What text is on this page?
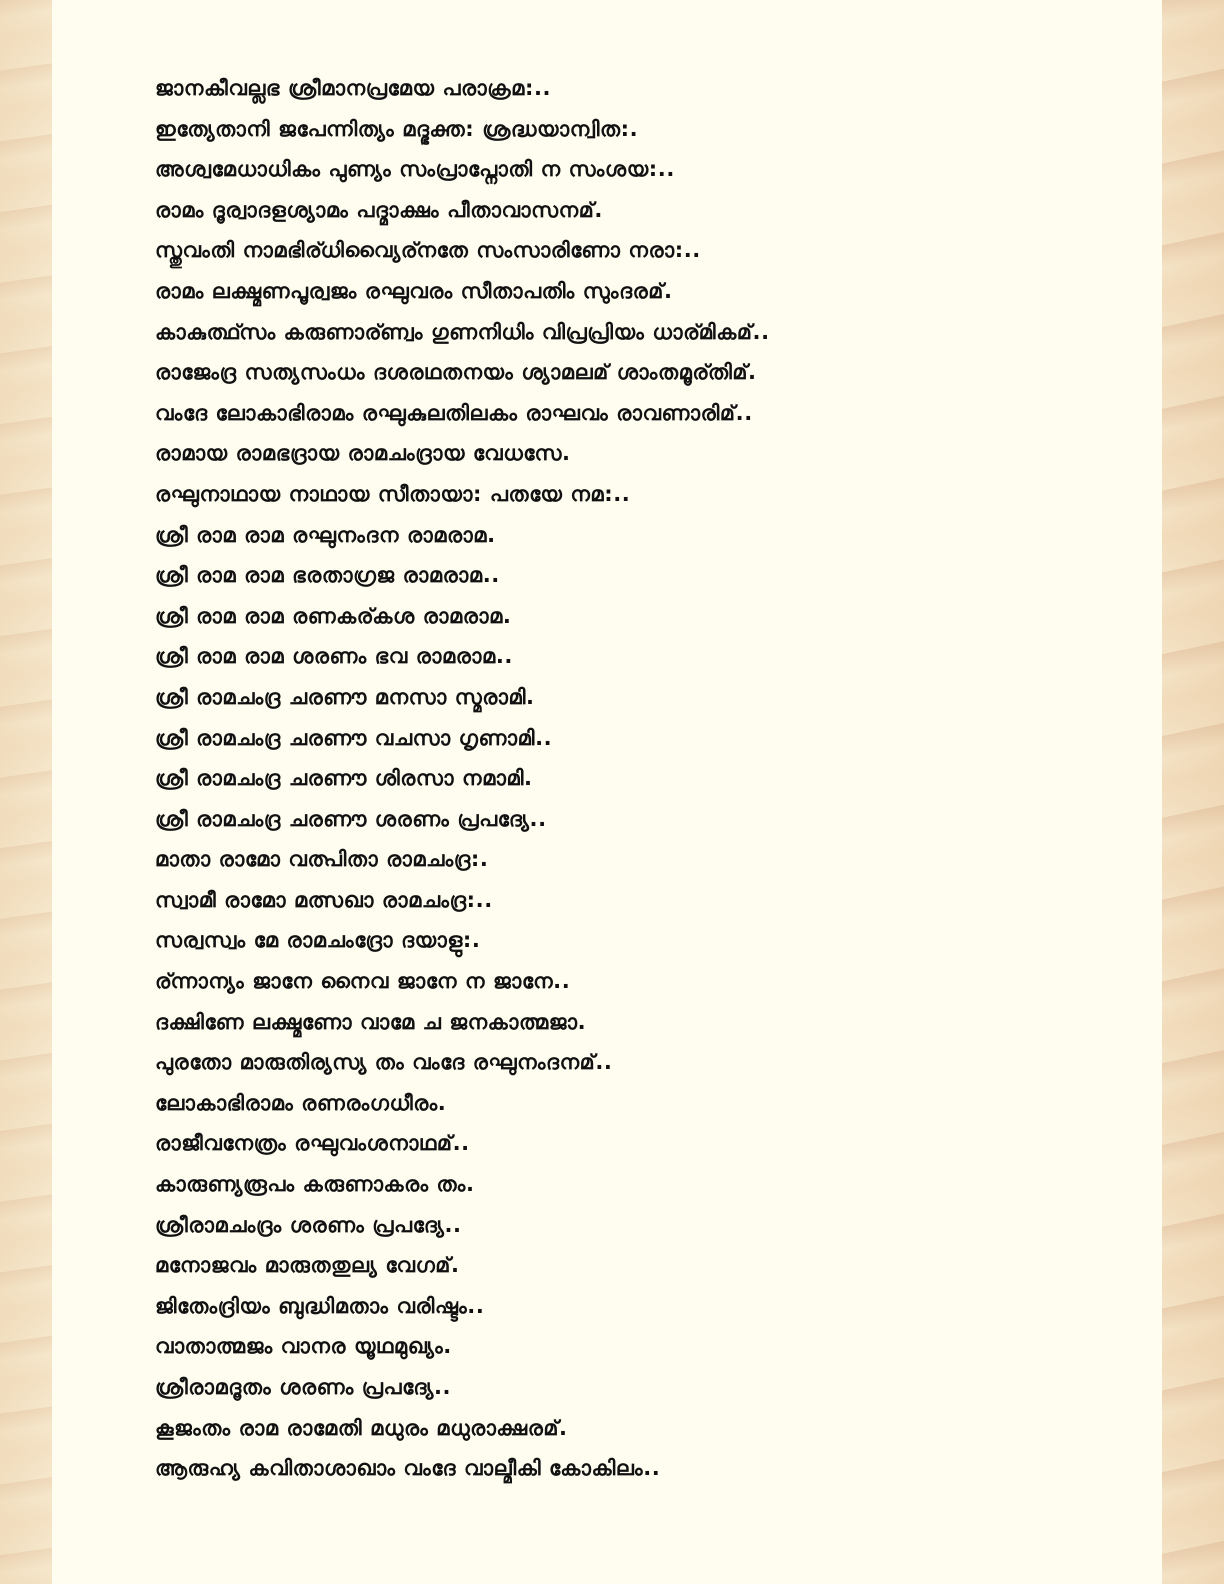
ജാനകീവല്ലഭ ശ്രീമാനപ്രമേയ പരാക്രമ:..
ഇത്യേതാനി ജപേന്നിത്യം മദ്ഭക്ത: ശ്രദ്ധയാന്വിത:.
അശ്വമേധാധികം പുണ്യം സംപ്രാപ്നോതി ന സംശയ:..
രാമം ദൂര്വാദളശ്യാമം പദ്മാക്ഷം പീതാവാസനമ്.
സ്തുവംതി നാമഭിര്ധിവ്യൈര്നതേ സംസാരിണോ നരാ:..
രാമം ലക്ഷ്മണപൂര്വജം രഘുവരം സീതാപതിം സുംദരമ്.
കാകുത്ഥ്സം കരുണാര്ണ്വം ഗുണനിധിം വിപ്രപ്രിയം ധാര്മികമ്..
രാജേംദ്ര സത്യസംധം ദശരഥതനയം ശ്യാമലമ് ശാംതമൂര്തിമ്.
വംദേ ലോകാഭിരാമം രഘുകുലതിലകം രാഘവം രാവണാരിമ്..
രാമായ രാമഭദ്രായ രാമചംദ്രായ വേധസേ.
രഘുനാഥായ നാഥായ സീതായാ: പതയേ നമ:..
ശ്രീ രാമ രാമ രഘുനംദന രാമരാമ.
ശ്രീ രാമ രാമ ഭരതാഗ്രജ രാമരാമ..
ശ്രീ രാമ രാമ രണകര്കശ രാമരാമ.
ശ്രീ രാമ രാമ ശരണം ഭവ രാമരാമ..
ശ്രീ രാമചംദ്ര ചരണൗ മനസാ സ്മരാമി.
ശ്രീ രാമചംദ്ര ചരണൗ വചസാ ഗൃണാമി..
ശ്രീ രാമചംദ്ര ചരണൗ ശിരസാ നമാമി.
ശ്രീ രാമചംദ്ര ചരണൗ ശരണം പ്രപദ്യേ..
മാതാ രാമോ വത്പിതാ രാമചംദ്ര:.
സ്വാമീ രാമോ മത്സഖാ രാമചംദ്ര:..
സര്വസ്വം മേ രാമചംദ്രോ ദയാളു:.
ര്ന്നാന്യം ജാനേ നൈവ ജാനേ ന ജാനേ..
ദക്ഷിണേ ലക്ഷ്മണോ വാമേ ച ജനകാത്മജാ.
പുരതോ മാരുതിര്യസ്യ തം വംദേ രഘുനംദനമ്..
ലോകാഭിരാമം രണരംഗധീരം.
രാജീവനേത്രം രഘുവംശനാഥമ്..
കാരുണ്യരൂപം കരുണാകരം തം.
ശ്രീരാമചംദ്രം ശരണം പ്രപദ്യേ..
മനോജവം മാരുതതുല്യ വേഗമ്.
ജിതേംദ്രിയം ബുദ്ധിമതാം വരിഷ്ടം..
വാതാത്മജം വാനര യൂഥമുഖ്യം.
ശ്രീരാമദൂതം ശരണം പ്രപദ്യേ..
കൂജംതം രാമ രാമേതി മധുരം മധുരാക്ഷരമ്.
ആരുഹ്യ കവിതാശാഖാം വംദേ വാല്മീകി കോകിലം..
